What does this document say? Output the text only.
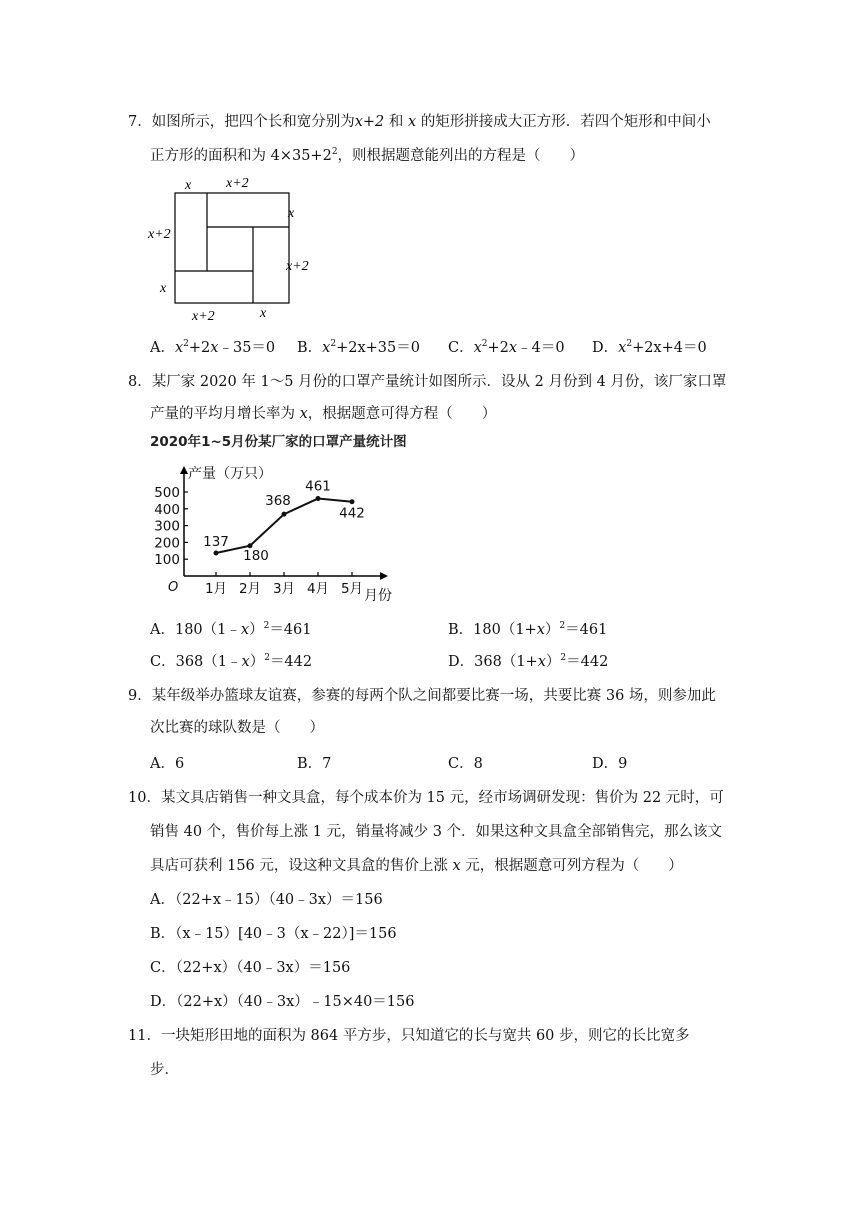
7．如图所示，把四个长和宽分别为x+2 和 x 的矩形拼接成大正方形．若四个矩形和中间小
正方形的面积和为 $4\times 35+2^2$，则根据题意能列出的方程是（　　）
x x+2
x
x+2
x+2
x
x+2	x
A．$x^2+2x﹣35=0$ B．$x^2+2x+35=0$ C．$x^2+2x﹣4=0$ D．$x^2+2x+4=0$
8．某厂家 2020 年 1～5 月份的口罩产量统计如图所示．设从 2 月份到 4 月份，该厂家口罩
产量的平均月增长率为 x，根据题意可得方程（　　）
2020年1~5月份某厂家的口罩产量统计图
产量（万只）
月份
O
100
200
300
400
500
1月 2月 3月 4月 5月
137
180
368
461
442
A．180（1﹣x）$^2$＝461	B．$180(1+x)^2=461$
C．368（1﹣x）$^2$＝442	D．$368(1+x)^2=442$
9．某年级举办篮球友谊赛，参赛的每两个队之间都要比赛一场，共要比赛 36 场，则参加此
次比赛的球队数是（　　）
A．6	B．7	C．8	D．9
10．某文具店销售一种文具盒，每个成本价为 15 元，经市场调研发现：售价为 22 元时，可
销售 40 个，售价每上涨 1 元，销量将减少 3 个．如果这种文具盒全部销售完，那么该文
具店可获利 156 元，设这种文具盒的售价上涨 x 元，根据题意可列方程为（　　）
A．（22+x﹣15）（40﹣3x）＝156
B．（x﹣15）[40﹣3（x﹣22）]＝156
C．（22+x）（40﹣3x）＝156
D．（22+x）（40﹣3x）﹣15×40＝156
11．一块矩形田地的面积为 864 平方步，只知道它的长与宽共 60 步，则它的长比宽多
步．
